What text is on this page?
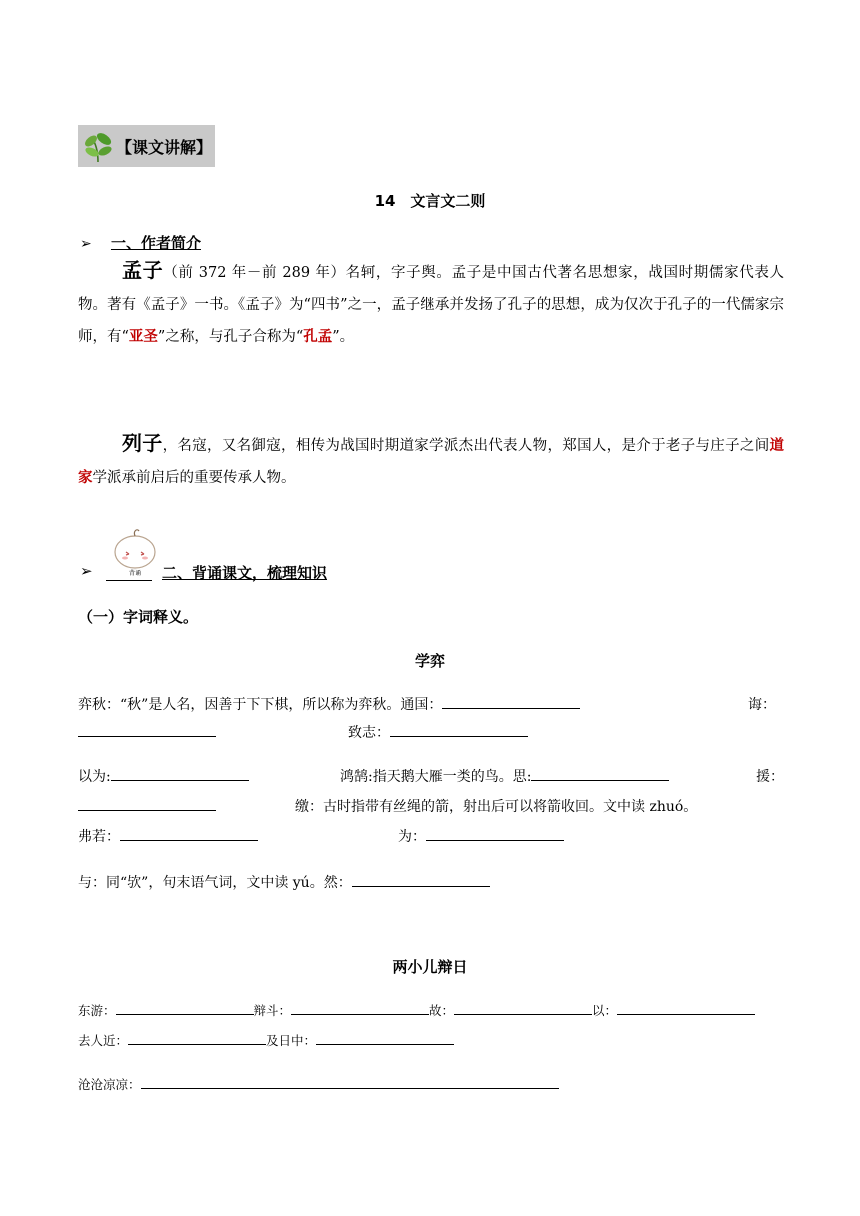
【课文讲解】
14　文言文二则
➢ 一、作者简介
孟子（前 372 年－前 289 年）名轲，字子舆。孟子是中国古代著名思想家，战国时期儒家代表人物。著有《孟子》一书。《孟子》为“四书”之一，孟子继承并发扬了孔子的思想，成为仅次于孔子的一代儒家宗师，有“亚圣”之称，与孔子合称为“孔孟”。
列子，名寇，又名御寇，相传为战国时期道家学派杰出代表人物，郑国人，是介于老子与庄子之间道家学派承前启后的重要传承人物。
➢	背诵 二、背诵课文，梳理知识
（一）字词释义。
学弈
弈秋：“秋”是人名，因善于下下棋，所以称为弈秋。通国：	诲：
致志：
以为:	鸿鹄:指天鹅大雁一类的鸟。思:	援：
缴：古时指带有丝绳的箭，射出后可以将箭收回。文中读 zhuó。
弗若：	为：
与：同“欤”，句末语气词，文中读 yú。然：
两小儿辩日
东游：	辩斗：	故：	以：
去人近：	及日中：
沧沧凉凉：
